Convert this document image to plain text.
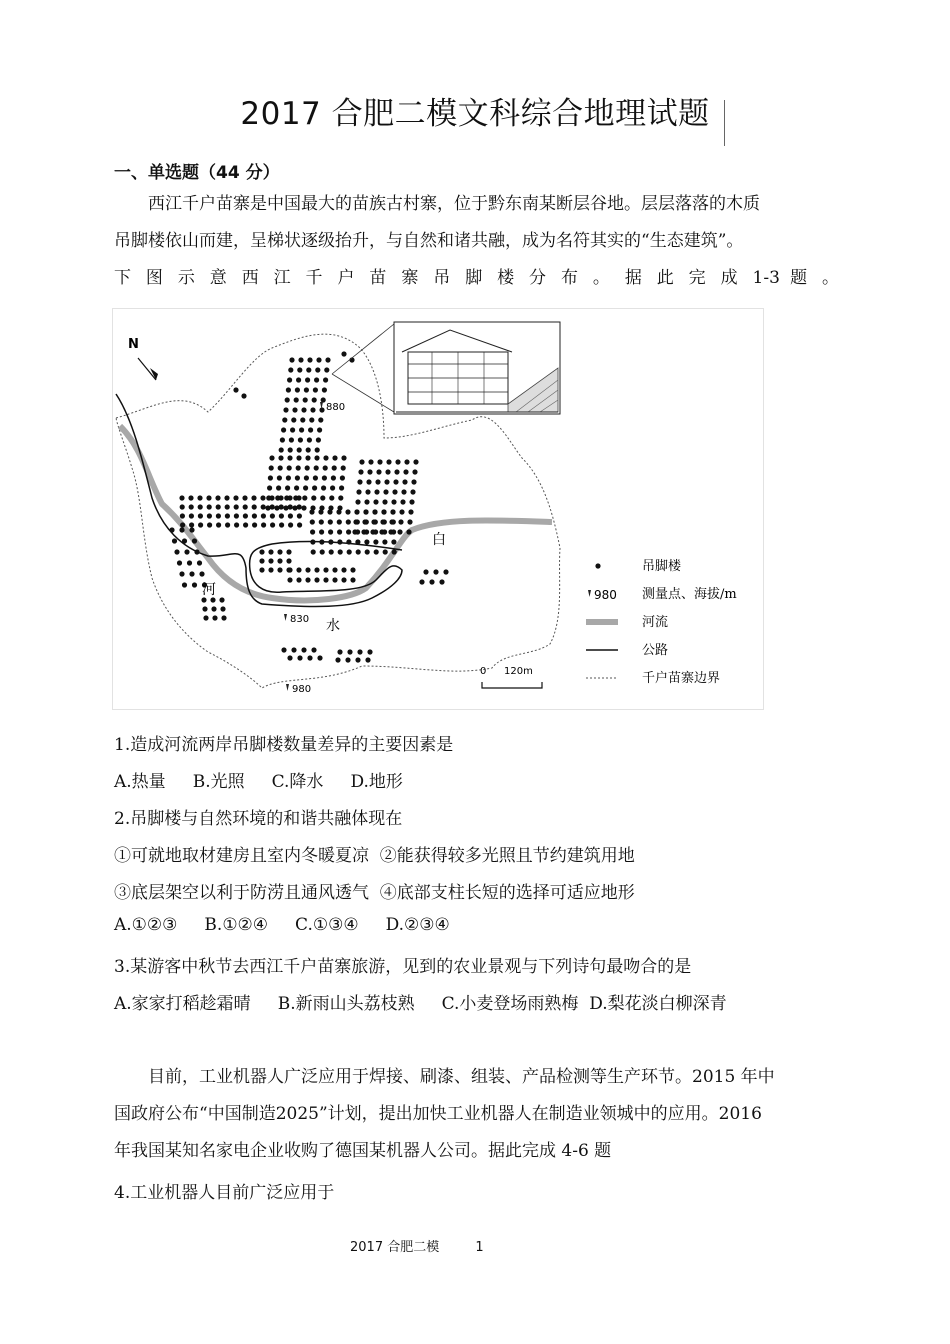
2017 合肥二模文科综合地理试题
一、单选题（44 分）
西江千户苗寨是中国最大的苗族古村寨，位于黔东南某断层谷地。层层落落的木质
吊脚楼依山而建，呈梯状逐级抬升，与自然和诸共融，成为名符其实的“生态建筑”。
下 图 示 意 西 江 千 户 苗 寨 吊 脚 楼 分 布 。 据 此 完 成 1-3 题 。
880
830
980
白
河
水
N
0 120m
吊脚楼
980 测量点、海拔/m
河流
公路
千户苗寨边界
1.造成河流两岸吊脚楼数量差异的主要因素是
A.热量     B.光照     C.降水     D.地形
2.吊脚楼与自然环境的和谐共融体现在
①可就地取材建房且室内冬暖夏凉  ②能获得较多光照且节约建筑用地
③底层架空以利于防涝且通风透气  ④底部支柱长短的选择可适应地形
A.①②③     B.①②④     C.①③④     D.②③④
3.某游客中秋节去西江千户苗寨旅游，见到的农业景观与下列诗句最吻合的是
A.家家打稻趁霜晴     B.新雨山头荔枝熟     C.小麦登场雨熟梅  D.梨花淡白柳深青
目前，工业机器人广泛应用于焊接、刷漆、组装、产品检测等生产环节。2015 年中
国政府公布“中国制造2025”计划，提出加快工业机器人在制造业领城中的应用。2016
年我国某知名家电企业收购了德国某机器人公司。据此完成 4-6 题
4.工业机器人目前广泛应用于
2017 合肥二模	1
